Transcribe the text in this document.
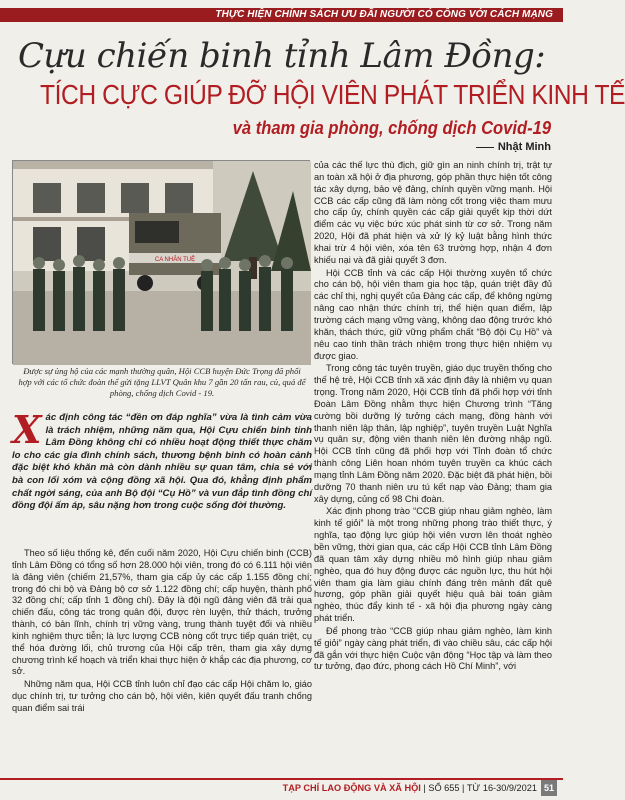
THỰC HIỆN CHÍNH SÁCH ƯU ĐÃI NGƯỜI CÓ CÔNG VỚI CÁCH MẠNG
Cựu chiến binh tỉnh Lâm Đồng:
TÍCH CỰC GIÚP ĐỠ HỘI VIÊN PHÁT TRIỂN KINH TẾ
và tham gia phòng, chống dịch Covid-19
Nhật Minh
CA NHÂN TUỆ
Được sự ủng hộ của các mạnh thường quân, Hội CCB huyện Đức Trọng đã phối hợp với các tổ chức đoàn thể gửi tặng LLVT Quân khu 7 gần 20 tấn rau, củ, quả để phòng, chống dịch Covid - 19.
Xác định công tác “đền ơn đáp nghĩa” vừa là tình cảm vừa là trách nhiệm, những năm qua, Hội Cựu chiến binh tỉnh Lâm Đồng không chỉ có nhiều hoạt động thiết thực chăm lo cho các gia đình chính sách, thương bệnh binh có hoàn cảnh đặc biệt khó khăn mà còn dành nhiều sự quan tâm, chia sẻ với bà con lối xóm và cộng đồng xã hội. Qua đó, khẳng định phẩm chất ngời sáng, của anh Bộ đội “Cụ Hồ” và vun đắp tình đồng chí đồng đội ấm áp, sâu nặng hơn trong cuộc sống đời thường.

Theo số liệu thống kê, đến cuối năm 2020, Hội Cựu chiến binh (CCB) tỉnh Lâm Đồng có tổng số hơn 28.000 hội viên, trong đó có 6.111 hội viên là đảng viên (chiếm 21,57%, tham gia cấp ủy các cấp 1.155 đồng chí; trong đó chi bộ và Đảng bộ cơ sở 1.122 đồng chí; cấp huyện, thành phố 32 đồng chí; cấp tỉnh 1 đồng chí). Đây là đội ngũ đảng viên đã trải qua chiến đấu, công tác trong quân đội, được rèn luyện, thử thách, trưởng thành, có bản lĩnh, chính trị vững vàng, trung thành tuyệt đối và nhiều kinh nghiệm thực tiễn; là lực lượng CCB nòng cốt trực tiếp quán triệt, cụ thể hóa đường lối, chủ trương của Hội cấp trên, tham gia xây dựng chương trình kế hoạch và triển khai thực hiện ở khắp các địa phương, cơ sở.

Những năm qua, Hội CCB tỉnh luôn chỉ đạo các cấp Hội chăm lo, giáo dục chính trị, tư tưởng cho cán bộ, hội viên, kiên quyết đấu tranh chống quan điểm sai trái

của các thế lực thù địch, giữ gìn an ninh chính trị, trật tự an toàn xã hội ở địa phương, góp phần thực hiện tốt công tác xây dựng, bảo vệ đảng, chính quyền vững mạnh. Hội CCB các cấp cũng đã làm nòng cốt trong việc tham mưu cho cấp ủy, chính quyền các cấp giải quyết kịp thời dứt điểm các vụ việc bức xúc phát sinh từ cơ sở. Trong năm 2020, Hội đã phát hiện và xử lý kỷ luật bằng hình thức khai trừ 4 hội viên, xóa tên 63 trường hợp, nhận 4 đơn khiếu nại và đã giải quyết 3 đơn.

Hội CCB tỉnh và các cấp Hội thường xuyên tổ chức cho cán bộ, hội viên tham gia học tập, quán triệt đầy đủ các chỉ thị, nghị quyết của Đảng các cấp, để không ngừng nâng cao nhận thức chính trị, thể hiện quan điểm, lập trường cách mạng vững vàng, không dao động trước khó khăn, thách thức, giữ vững phẩm chất “Bộ đội Cụ Hồ” và nêu cao tinh thần trách nhiệm trong thực hiện nhiệm vụ được giao.

Trong công tác tuyên truyền, giáo dục truyền thống cho thế hệ trẻ, Hội CCB tỉnh xã xác định đây là nhiệm vụ quan trọng. Trong năm 2020, Hội CCB tỉnh đã phối hợp với tỉnh Đoàn Lâm Đồng nhằm thực hiện Chương trình “Tăng cường bồi dưỡng lý tưởng cách mạng, đồng hành với thanh niên lập thân, lập nghiệp”, tuyên truyền Luật Nghĩa vụ quân sự, động viên thanh niên lên đường nhập ngũ. Hội CCB tỉnh cũng đã phối hợp với Tỉnh đoàn tổ chức thành công Liên hoan nhóm tuyên truyền ca khúc cách mạng tỉnh Lâm Đồng năm 2020. Đặc biệt đã phát hiện, bồi dưỡng 70 thanh niên ưu tú kết nạp vào Đảng; tham gia xây dựng, củng cố 98 Chi đoàn.

Xác định phong trào “CCB giúp nhau giảm nghèo, làm kinh tế giỏi” là một trong những phong trào thiết thực, ý nghĩa, tạo động lực giúp hội viên vươn lên thoát nghèo bền vững, thời gian qua, các cấp Hội CCB tỉnh Lâm Đồng đã quan tâm xây dựng nhiều mô hình giúp nhau giảm nghèo, qua đó huy động được các nguồn lực, thu hút hội viên tham gia làm giàu chính đáng trên mảnh đất quê hương, góp phần giải quyết hiệu quả bài toán giảm nghèo, thúc đẩy kinh tế - xã hội địa phương ngày càng phát triển.

Để phong trào “CCB giúp nhau giảm nghèo, làm kinh tế giỏi” ngày càng phát triển, đi vào chiều sâu, các cấp hội đã gắn với thực hiện Cuộc vận động “Học tập và làm theo tư tưởng, đạo đức, phong cách Hồ Chí Minh”, với

TẠP CHÍ LAO ĐỘNG VÀ XÃ HỘI | SỐ 655 | TỪ 16-30/9/2021 51
